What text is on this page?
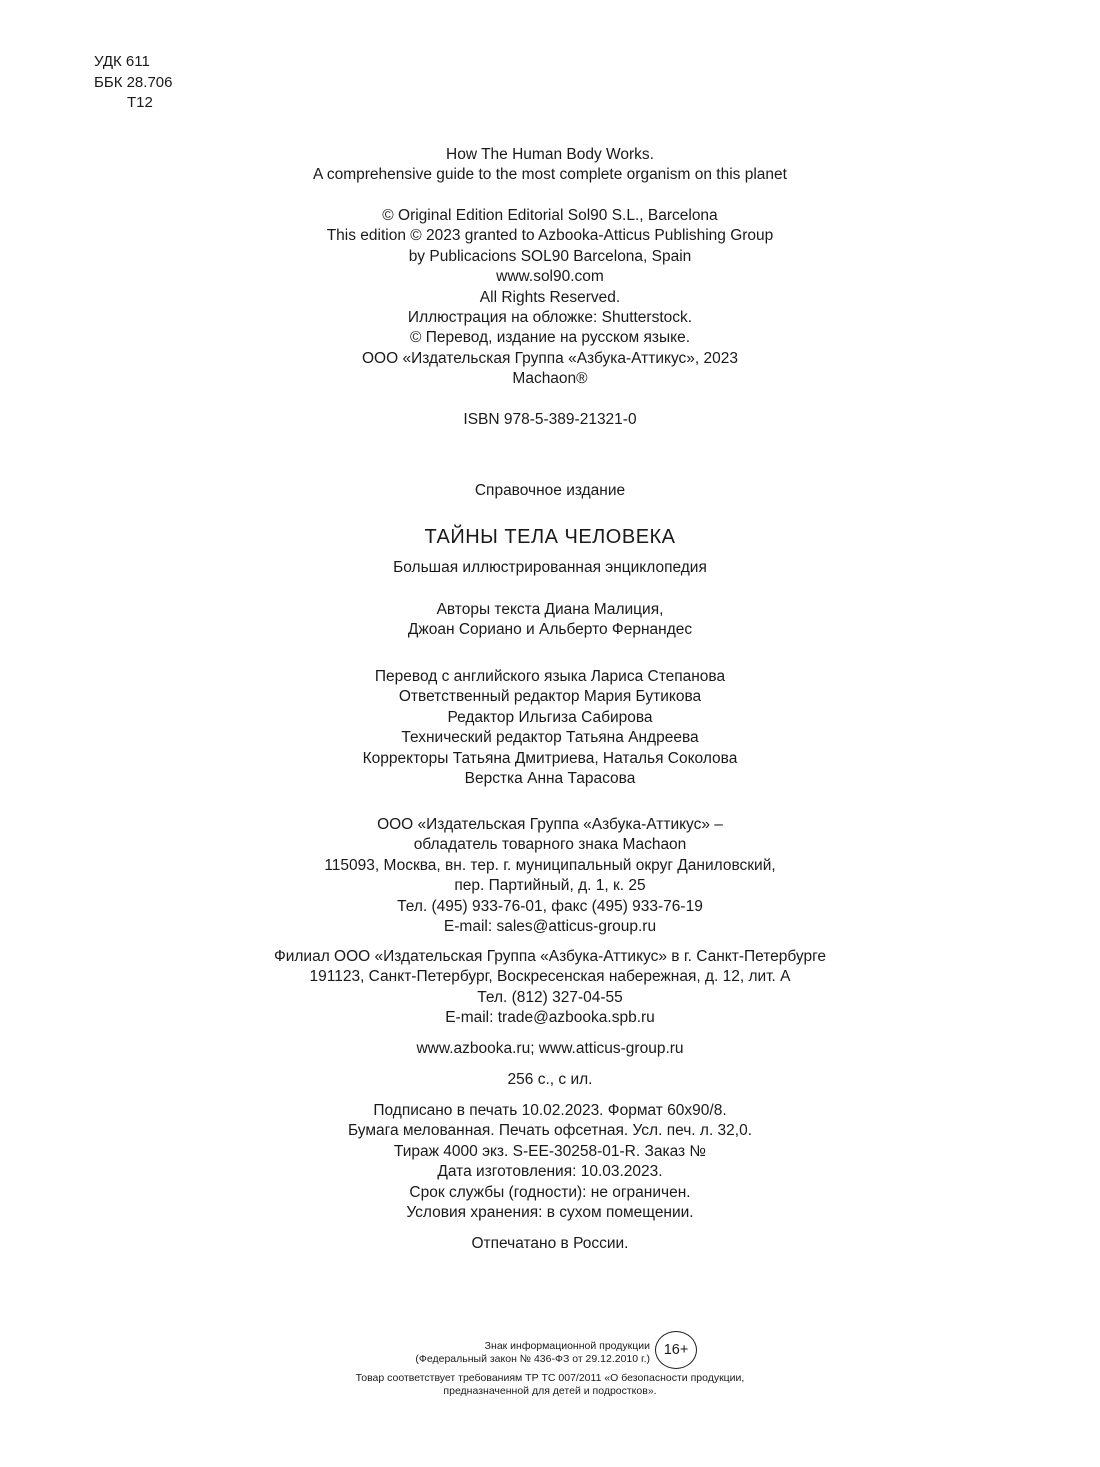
УДК 611
ББК 28.706
Т12
How The Human Body Works.
A comprehensive guide to the most complete organism on this planet
© Original Edition Editorial Sol90 S.L., Barcelona
This edition © 2023 granted to Azbooka-Atticus Publishing Group
by Publicacions SOL90 Barcelona, Spain
www.sol90.com
All Rights Reserved.
Иллюстрация на обложке: Shutterstock.
© Перевод, издание на русском языке.
ООО «Издательская Группа «Азбука-Аттикус», 2023
Machaon®
ISBN 978-5-389-21321-0
Справочное издание
ТАЙНЫ ТЕЛА ЧЕЛОВЕКА
Большая иллюстрированная энциклопедия
Авторы текста Диана Малиция,
Джоан Сориано и Альберто Фернандес
Перевод с английского языка Лариса Степанова
Ответственный редактор Мария Бутикова
Редактор Ильгиза Сабирова
Технический редактор Татьяна Андреева
Корректоры Татьяна Дмитриева, Наталья Соколова
Верстка Анна Тарасова
ООО «Издательская Группа «Азбука-Аттикус» –
обладатель товарного знака Machaon
115093, Москва, вн. тер. г. муниципальный округ Даниловский,
пер. Партийный, д. 1, к. 25
Тел. (495) 933-76-01, факс (495) 933-76-19
E-mail: sales@atticus-group.ru
Филиал ООО «Издательская Группа «Азбука-Аттикус» в г. Санкт-Петербурге
191123, Санкт-Петербург, Воскресенская набережная, д. 12, лит. А
Тел. (812) 327-04-55
E-mail: trade@azbooka.spb.ru
www.azbooka.ru; www.atticus-group.ru
256 с., с ил.
Подписано в печать 10.02.2023. Формат 60x90/8.
Бумага мелованная. Печать офсетная. Усл. печ. л. 32,0.
Тираж 4000 экз. S-EE-30258-01-R. Заказ №
Дата изготовления: 10.03.2023.
Срок службы (годности): не ограничен.
Условия хранения: в сухом помещении.
Отпечатано в России.
Знак информационной продукции
(Федеральный закон № 436-ФЗ от 29.12.2010 г.)
16+
Товар соответствует требованиям ТР ТС 007/2011 «О безопасности продукции,
предназначенной для детей и подростков».
